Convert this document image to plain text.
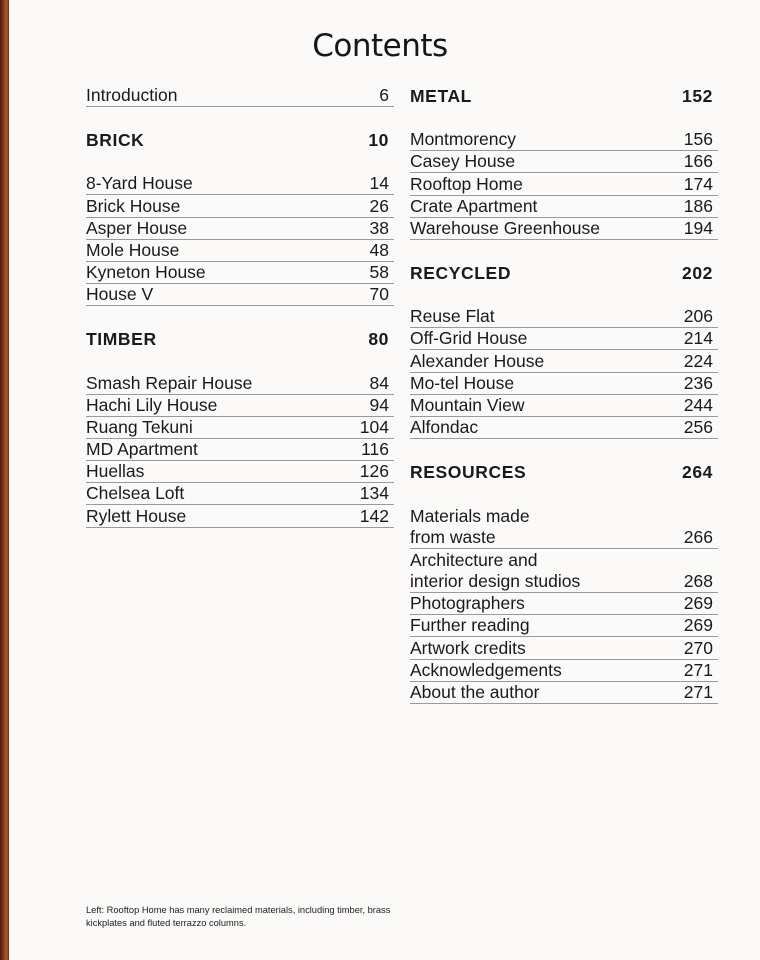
Contents
Introduction	6
BRICK	10
8-Yard House	14
Brick House	26
Asper House	38
Mole House	48
Kyneton House	58
House V	70
TIMBER	80
Smash Repair House	84
Hachi Lily House	94
Ruang Tekuni	104
MD Apartment	116
Huellas	126
Chelsea Loft	134
Rylett House	142
METAL	152
Montmorency	156
Casey House	166
Rooftop Home	174
Crate Apartment	186
Warehouse Greenhouse	194
RECYCLED	202
Reuse Flat	206
Off-Grid House	214
Alexander House	224
Mo-tel House	236
Mountain View	244
Alfondac	256
RESOURCES	264
Materials made
from waste	266
Architecture and
interior design studios	268
Photographers	269
Further reading	269
Artwork credits	270
Acknowledgements	271
About the author	271

Left: Rooftop Home has many reclaimed materials, including timber, brass kickplates and fluted terrazzo columns.
